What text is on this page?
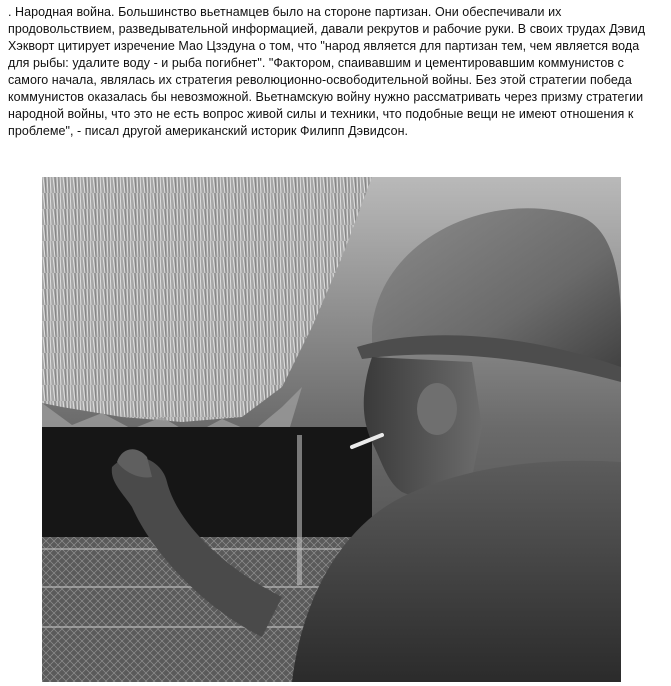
. Народная война. Большинство вьетнамцев было на стороне партизан. Они обеспечивали их продовольствием, разведывательной информацией, давали рекрутов и рабочие руки. В своих трудах Дэвид Хэкворт цитирует изречение Мао Цзэдуна о том, что "народ является для партизан тем, чем является вода для рыбы: удалите воду - и рыба погибнет". "Фактором, спаивавшим и цементировавшим коммунистов с самого начала, являлась их стратегия революционно-освободительной войны. Без этой стратегии победа коммунистов оказалась бы невозможной. Вьетнамскую войну нужно рассматривать через призму стратегии народной войны, что это не есть вопрос живой силы и техники, что подобные вещи не имеют отношения к проблеме", - писал другой американский историк Филипп Дэвидсон.
